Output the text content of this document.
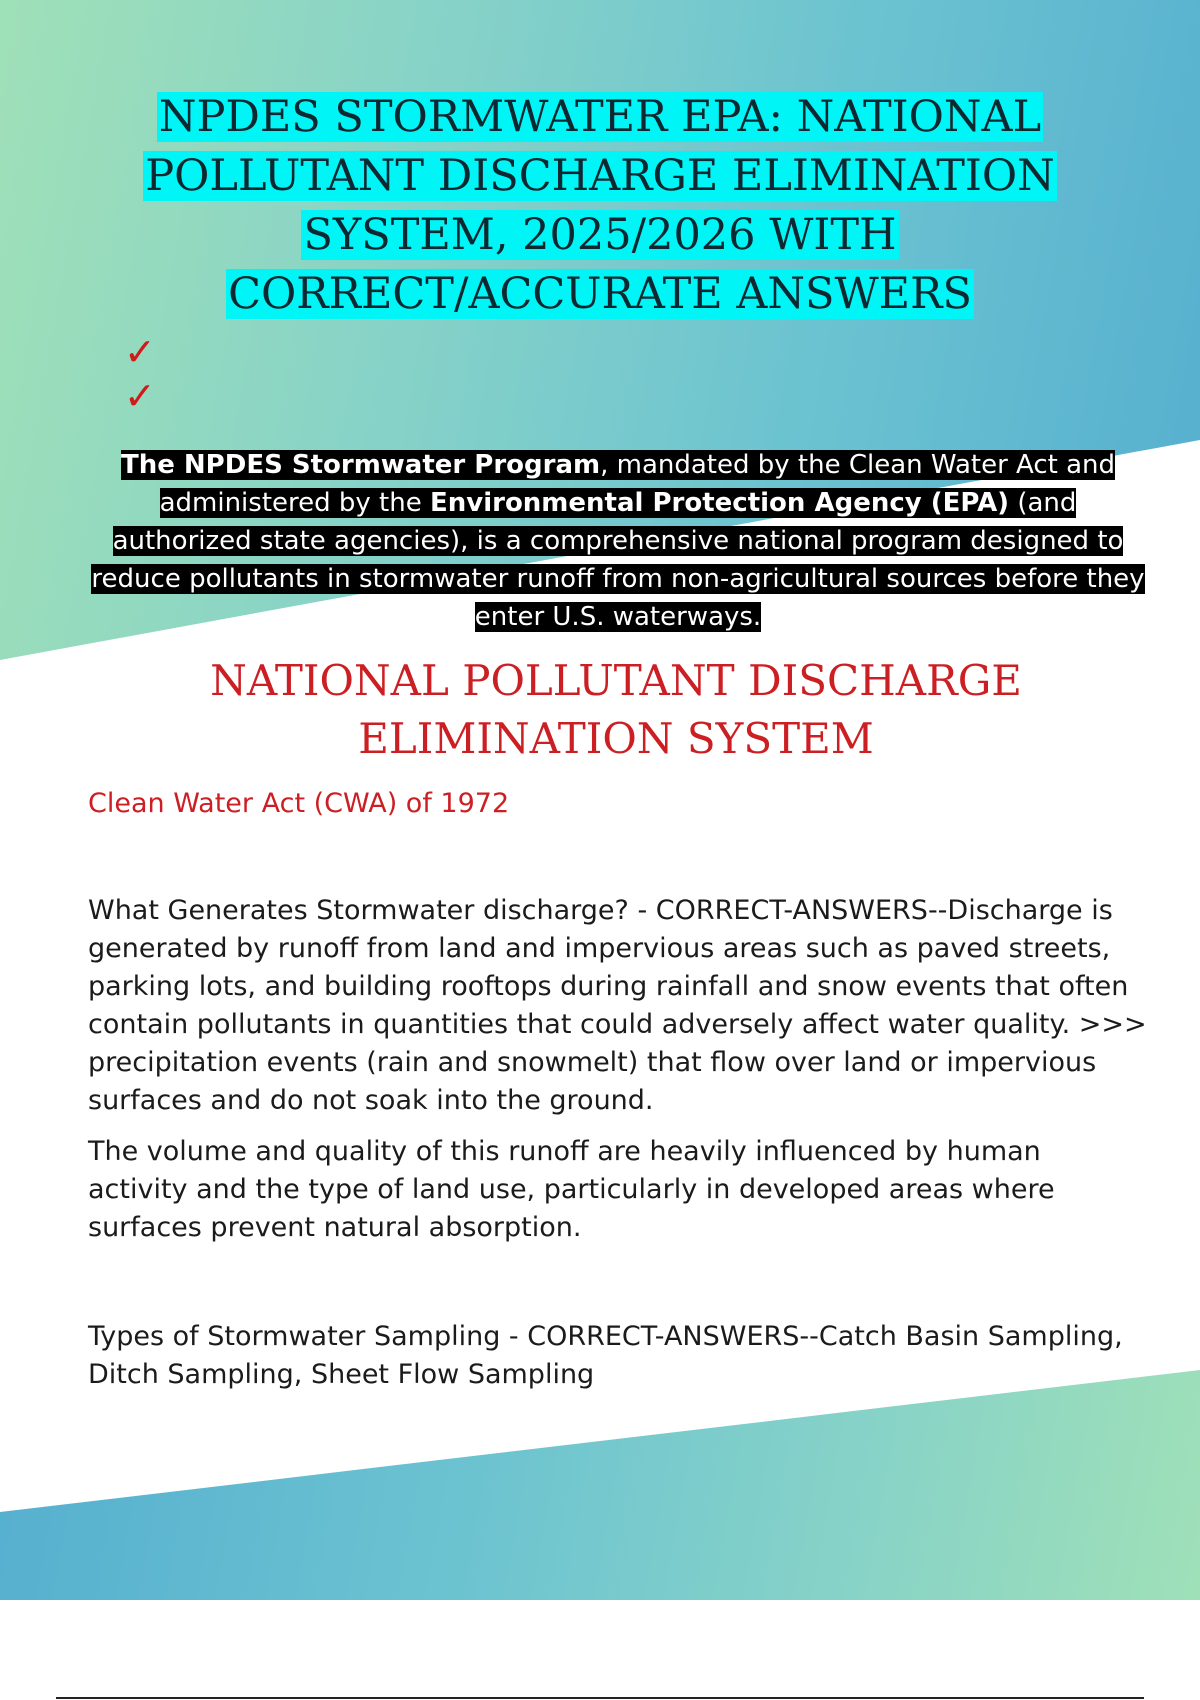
NPDES STORMWATER EPA: NATIONAL
POLLUTANT DISCHARGE ELIMINATION
SYSTEM, 2025/2026 WITH
CORRECT/ACCURATE ANSWERS
✓
✓
The NPDES Stormwater Program, mandated by the Clean Water Act and administered by the Environmental Protection Agency (EPA) (and authorized state agencies), is a comprehensive national program designed to reduce pollutants in stormwater runoff from non-agricultural sources before they enter U.S. waterways.
NATIONAL POLLUTANT DISCHARGE
ELIMINATION SYSTEM
Clean Water Act (CWA) of 1972
What Generates Stormwater discharge? - CORRECT-ANSWERS--Discharge is generated by runoff from land and impervious areas such as paved streets, parking lots, and building rooftops during rainfall and snow events that often contain pollutants in quantities that could adversely affect water quality. >>> precipitation events (rain and snowmelt) that flow over land or impervious surfaces and do not soak into the ground.
The volume and quality of this runoff are heavily influenced by human activity and the type of land use, particularly in developed areas where surfaces prevent natural absorption.
Types of Stormwater Sampling - CORRECT-ANSWERS--Catch Basin Sampling, Ditch Sampling, Sheet Flow Sampling
